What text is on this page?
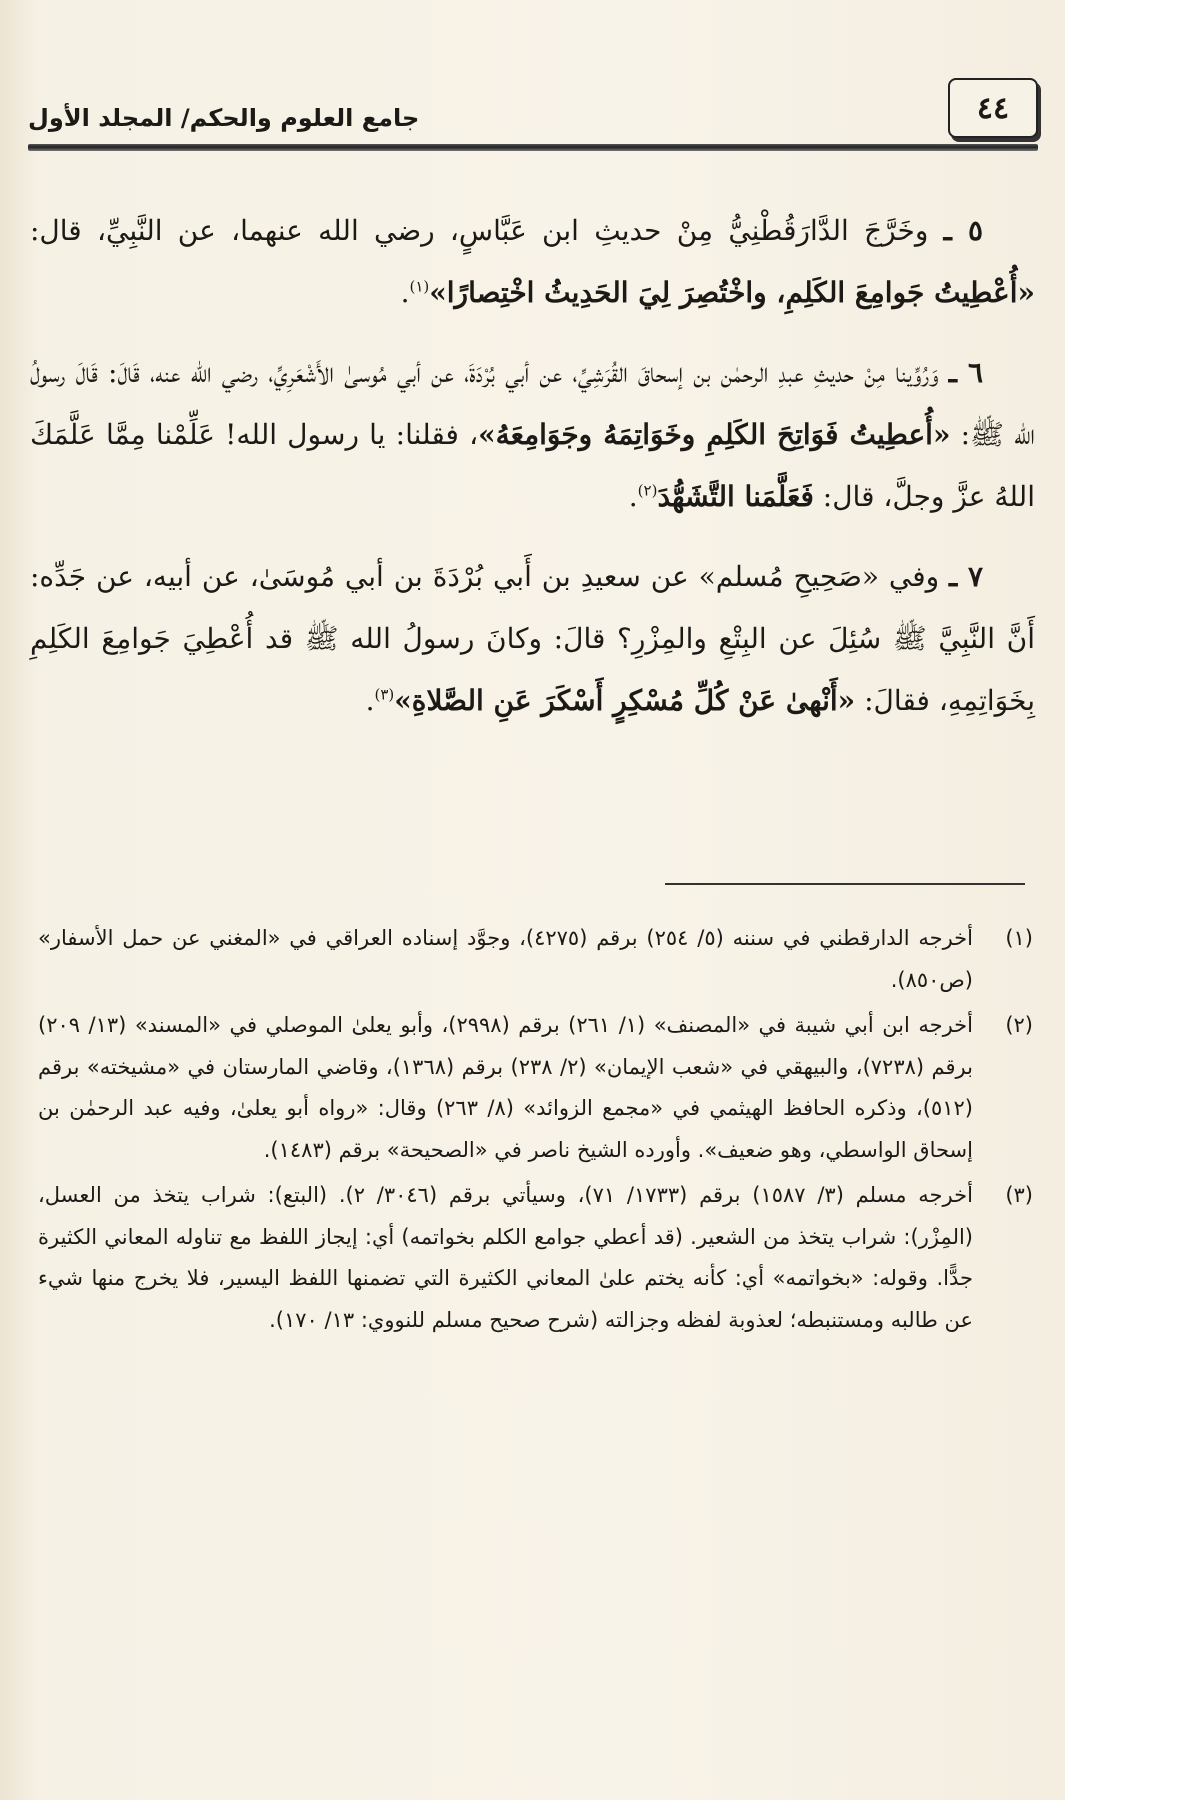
٤٤
جامع العلوم والحكم/ المجلد الأول

٥ ـ وخَرَّجَ الدَّارَقُطْنِيُّ مِنْ حديثِ ابن عَبَّاسٍ، رضي الله عنهما، عن النَّبِيِّ، قال: «أُعْطِيتُ جَوامِعَ الكَلِمِ، واخْتُصِرَ لِيَ الحَدِيثُ اخْتِصارًا»$^{(١)}$.

٦ ـ وَرُوِّينا مِنْ حديثِ عبدِ الرحمٰن بن إسحاقَ القُرَشِيِّ، عن أبي بُرْدَةَ، عن أبي مُوسىٰ الأَشْعَرِيِّ، رضي الله عنه، قَالَ: قَالَ رسولُ الله ﷺ: «أُعطِيتُ فَوَاتِحَ الكَلِمِ وخَوَاتِمَهُ وجَوَامِعَهُ»، فقلنا: يا رسول الله! عَلِّمْنا مِمَّا عَلَّمَكَ اللهُ عزَّ وجلَّ، قال: فَعَلَّمَنا التَّشَهُّدَ$^{(٢)}$.

٧ ـ وفي «صَحِيحِ مُسلم» عن سعيدِ بن أَبي بُرْدَةَ بن أبي مُوسَىٰ، عن أبيه، عن جَدِّه: أَنَّ النَّبِيَّ ﷺ سُئِلَ عن البِتْعِ والمِزْرِ؟ قالَ: وكانَ رسولُ الله ﷺ قد أُعْطِيَ جَوامِعَ الكَلِمِ بِخَوَاتِمِهِ، فقالَ: «أَنْهىٰ عَنْ كُلِّ مُسْكِرٍ أَسْكَرَ عَنِ الصَّلاةِ»$^{(٣)}$.

(١)
أخرجه الدارقطني في سننه (٥/ ٢٥٤) برقم (٤٢٧٥)، وجوَّد إسناده العراقي في «المغني عن حمل الأسفار» (ص٨٥٠).
(٢)
أخرجه ابن أبي شيبة في «المصنف» (١/ ٢٦١) برقم (٢٩٩٨)، وأبو يعلىٰ الموصلي في «المسند» (١٣/ ٢٠٩) برقم (٧٢٣٨)، والبيهقي في «شعب الإيمان» (٢/ ٢٣٨) برقم (١٣٦٨)، وقاضي المارستان في «مشيخته» برقم (٥١٢)، وذكره الحافظ الهيثمي في «مجمع الزوائد» (٨/ ٢٦٣) وقال: «رواه أبو يعلىٰ، وفيه عبد الرحمٰن بن إسحاق الواسطي، وهو ضعيف». وأورده الشيخ ناصر في «الصحيحة» برقم (١٤٨٣).
(٣)
أخرجه مسلم (٣/ ١٥٨٧) برقم (١٧٣٣/ ٧١)، وسيأتي برقم (٣٠٤٦/ ٢). (البتع): شراب يتخذ من العسل، (المِزْر): شراب يتخذ من الشعير. (قد أعطي جوامع الكلم بخواتمه) أي: إيجاز اللفظ مع تناوله المعاني الكثيرة جدًّا. وقوله: «بخواتمه» أي: كأنه يختم علىٰ المعاني الكثيرة التي تضمنها اللفظ اليسير، فلا يخرج منها شيء عن طالبه ومستنبطه؛ لعذوبة لفظه وجزالته (شرح صحيح مسلم للنووي: ١٣/ ١٧٠).
